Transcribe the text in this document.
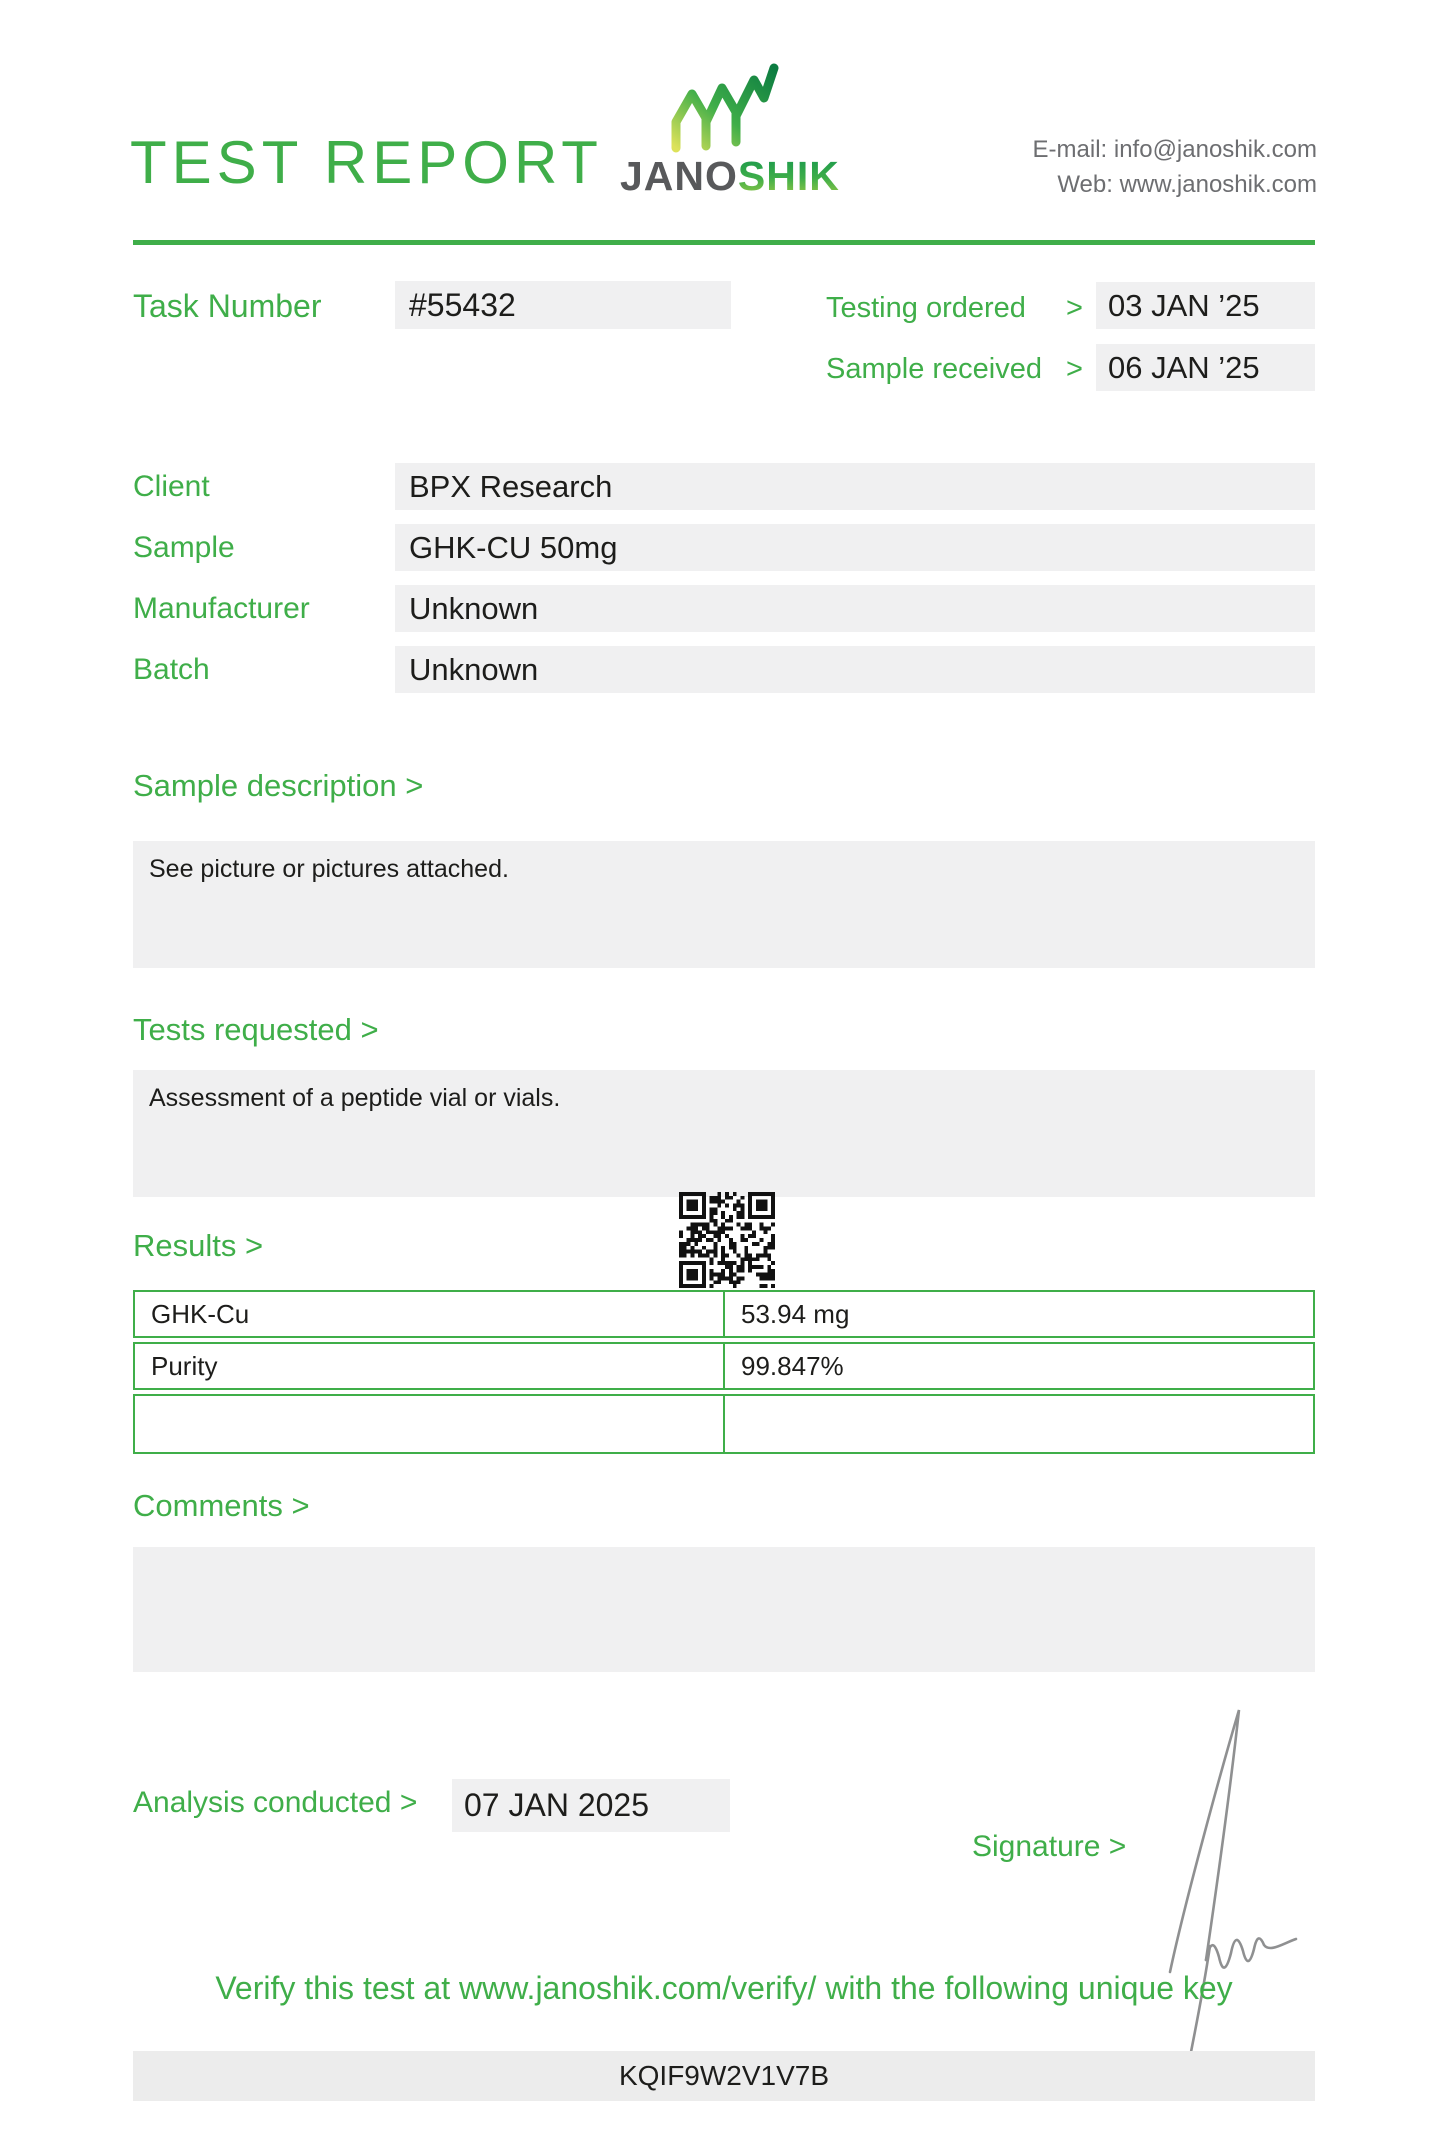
TEST REPORT JANOSHIK
E-mail: info@janoshik.com
Web: www.janoshik.com
Task Number	#55432	Testing ordered > 03 JAN ’25
Sample received > 06 JAN ’25
Client	BPX Research
Sample	GHK-CU 50mg
Manufacturer	Unknown
Batch	Unknown
Sample description >
See picture or pictures attached.
Tests requested >
Assessment of a peptide vial or vials.
Results >
GHK-Cu	53.94 mg
Purity	99.847%
Comments >
Analysis conducted >	07 JAN 2025
Signature >
Verify this test at www.janoshik.com/verify/ with the following unique key
KQIF9W2V1V7B
